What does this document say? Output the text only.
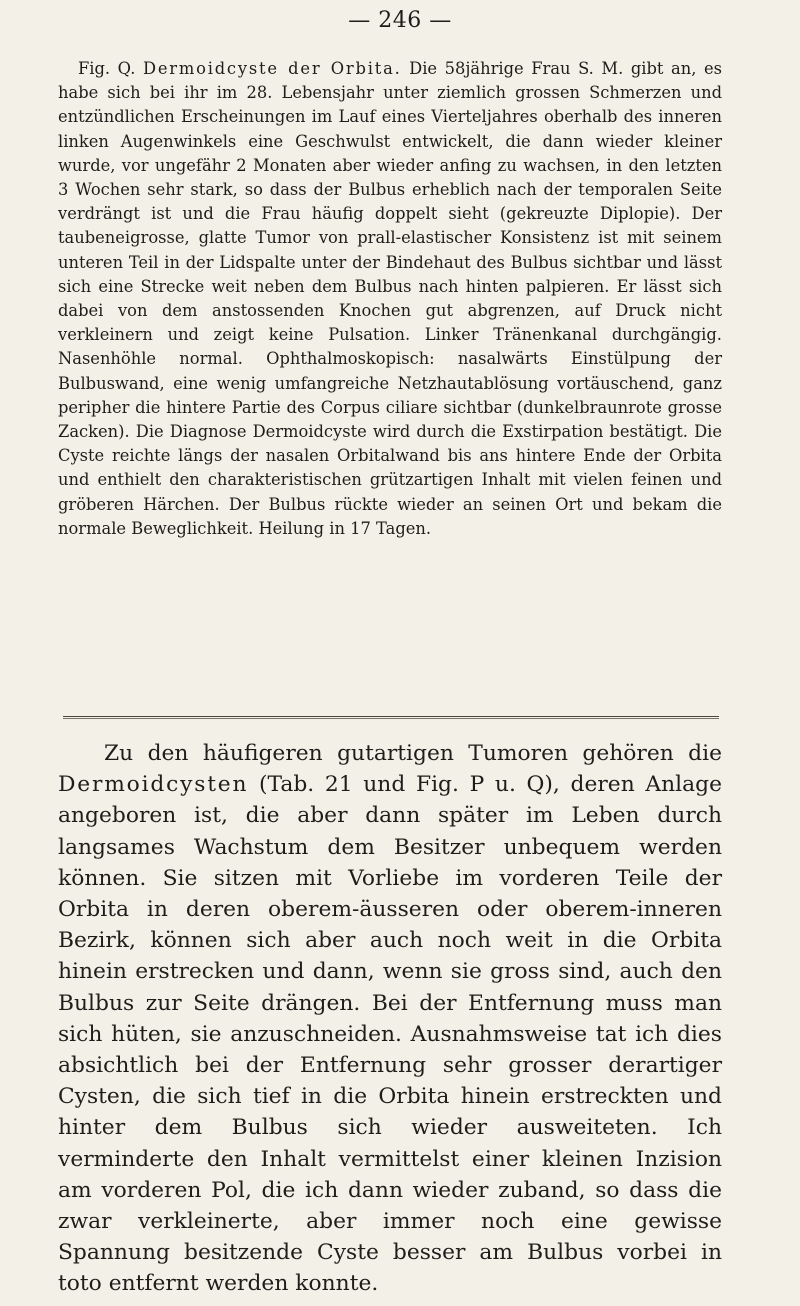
— 246 —

Fig. Q. Dermoidcyste der Orbita. Die 58jährige Frau S. M. gibt an, es habe sich bei ihr im 28. Lebensjahr unter ziemlich grossen Schmerzen und entzündlichen Erscheinungen im Lauf eines Vierteljahres oberhalb des inneren linken Augenwinkels eine Geschwulst entwickelt, die dann wieder kleiner wurde, vor ungefähr 2 Monaten aber wieder anfing zu wachsen, in den letzten 3 Wochen sehr stark, so dass der Bulbus erheblich nach der temporalen Seite verdrängt ist und die Frau häufig doppelt sieht (gekreuzte Diplopie). Der taubeneigrosse, glatte Tumor von prall-elastischer Konsistenz ist mit seinem unteren Teil in der Lidspalte unter der Bindehaut des Bulbus sichtbar und lässt sich eine Strecke weit neben dem Bulbus nach hinten palpieren. Er lässt sich dabei von dem anstossenden Knochen gut abgrenzen, auf Druck nicht verkleinern und zeigt keine Pulsation. Linker Tränenkanal durchgängig. Nasenhöhle normal. Ophthalmoskopisch: nasalwärts Einstülpung der Bulbuswand, eine wenig umfangreiche Netzhautablösung vortäuschend, ganz peripher die hintere Partie des Corpus ciliare sichtbar (dunkelbraunrote grosse Zacken). Die Diagnose Dermoidcyste wird durch die Exstirpation bestätigt. Die Cyste reichte längs der nasalen Orbitalwand bis ans hintere Ende der Orbita und enthielt den charakteristischen grützartigen Inhalt mit vielen feinen und gröberen Härchen. Der Bulbus rückte wieder an seinen Ort und bekam die normale Beweglichkeit. Heilung in 17 Tagen.

Zu den häufigeren gutartigen Tumoren gehören die Dermoidcysten (Tab. 21 und Fig. P u. Q), deren Anlage angeboren ist, die aber dann später im Leben durch langsames Wachstum dem Besitzer unbequem werden können. Sie sitzen mit Vorliebe im vorderen Teile der Orbita in deren oberem-äusseren oder oberem-inneren Bezirk, können sich aber auch noch weit in die Orbita hinein erstrecken und dann, wenn sie gross sind, auch den Bulbus zur Seite drängen. Bei der Entfernung muss man sich hüten, sie anzuschneiden. Ausnahmsweise tat ich dies absichtlich bei der Entfernung sehr grosser derartiger Cysten, die sich tief in die Orbita hinein erstreckten und hinter dem Bulbus sich wieder ausweiteten. Ich verminderte den Inhalt vermittelst einer kleinen Inzision am vorderen Pol, die ich dann wieder zuband, so dass die zwar verkleinerte, aber immer noch eine gewisse Spannung besitzende Cyste besser am Bulbus vorbei in toto entfernt werden konnte.
